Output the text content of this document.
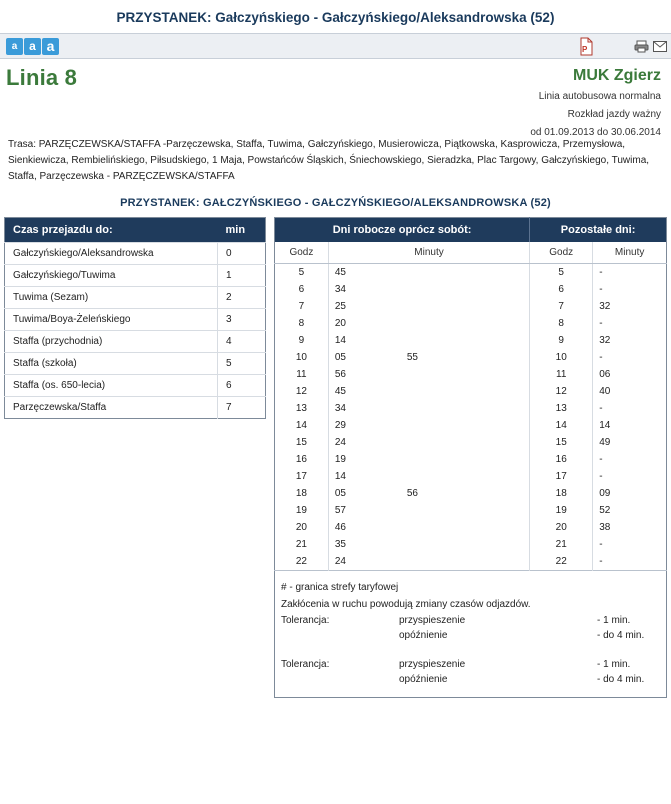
PRZYSTANEK: Gałczyńskiego - Gałczyńskiego/Aleksandrowska (52)
a a a	P
Linia 8	MUK Zgierz
Linia autobusowa normalna
Rozkład jazdy ważny
od 01.09.2013 do 30.06.2014
Trasa: PARZĘCZEWSKA/STAFFA -Parzęczewska, Staffa, Tuwima, Gałczyńskiego, Musierowicza, Piątkowska, Kasprowicza, Przemysłowa, Sienkiewicza, Rembielińskiego, Piłsudskiego, 1 Maja, Powstańców Śląskich, Śniechowskiego, Sieradzka, Plac Targowy, Gałczyńskiego, Tuwima, Staffa, Parzęczewska - PARZĘCZEWSKA/STAFFA
PRZYSTANEK: GAŁCZYŃSKIEGO - GAŁCZYŃSKIEGO/ALEKSANDROWSKA (52)
Czas przejazdu do:	min
Gałczyńskiego/Aleksandrowska	0
Gałczyńskiego/Tuwima	1
Tuwima (Sezam)	2
Tuwima/Boya-Żeleńskiego	3
Staffa (przychodnia)	4
Staffa (szkoła)	5
Staffa (os. 650-lecia)	6
Parzęczewska/Staffa	7
Dni robocze oprócz sobót:		Pozostałe dni:	
Godz	Minuty	Godz	Minuty
5	45	5	-
6	34	6	-
7	25	7	32
8	20	8	-
9	14	9	32
10	05 55	10	-
11	56	11	06
12	45	12	40
13	34	13	-
14	29	14	14
15	24	15	49
16	19	16	-
17	14	17	-
18	05 56	18	09
19	57	19	52
20	46	20	38
21	35	21	-
22	24	22	-

# - granica strefy taryfowej
Zakłócenia w ruchu powodują zmiany czasów odjazdów.
Tolerancja:	przyspieszenie	- 1 min.
opóźnienie	- do 4 min.
Tolerancja:	przyspieszenie	- 1 min.
opóźnienie	- do 4 min.
